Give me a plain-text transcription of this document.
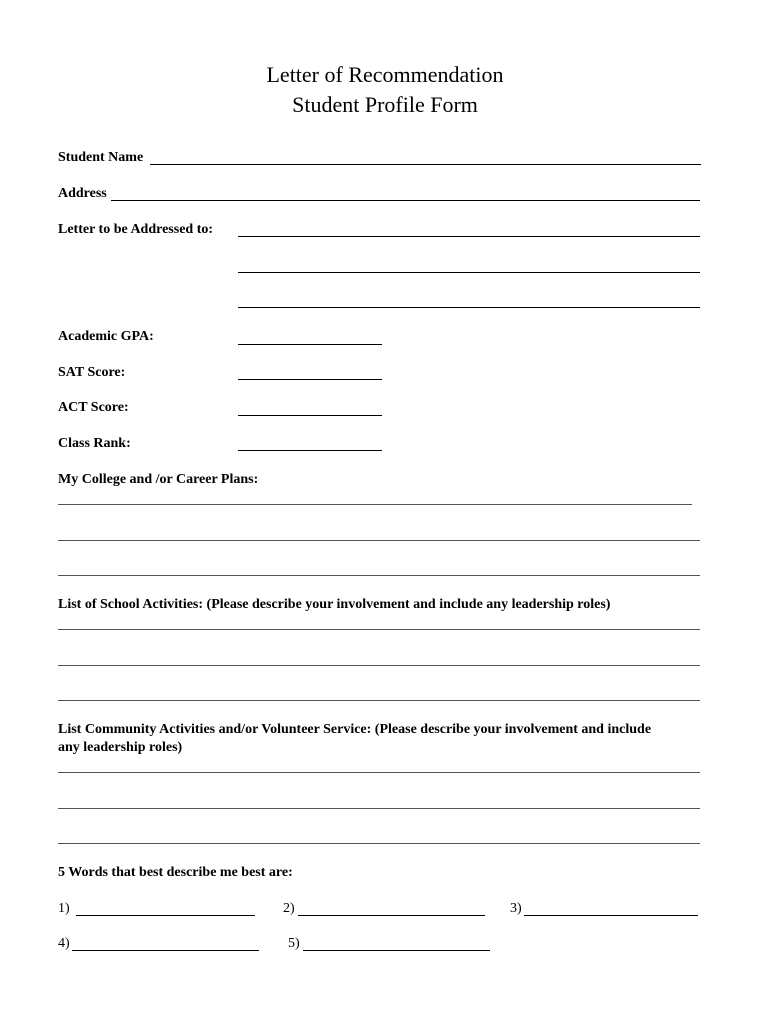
Letter of Recommendation
Student Profile Form
Student Name
Address
Letter to be Addressed to:
Academic GPA:
SAT Score:
ACT Score:
Class Rank:
My College and /or Career Plans:
List of School Activities: (Please describe your involvement and include any leadership roles)
List Community Activities and/or Volunteer Service: (Please describe your involvement and include
any leadership roles)
5 Words that best describe me best are:
1)	2)	3)
4)	5)
